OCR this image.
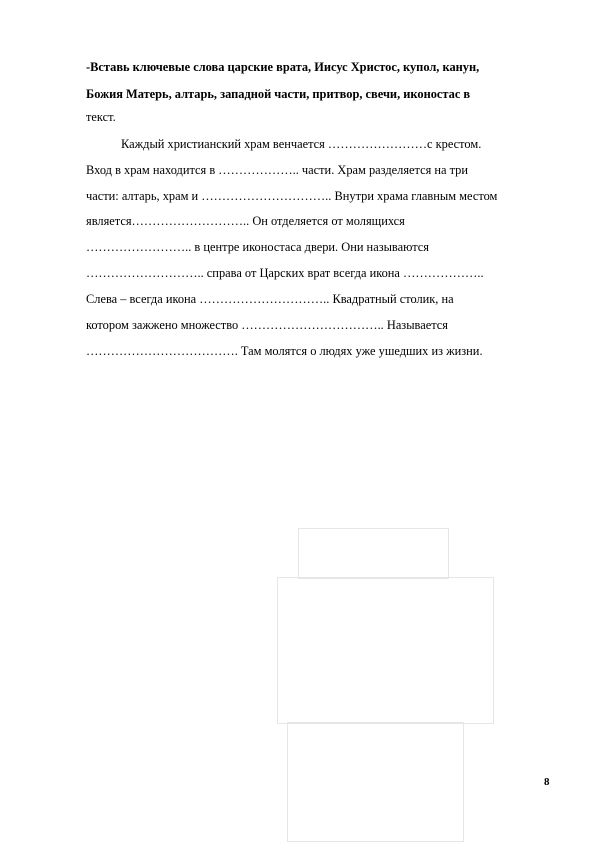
-Вставь ключевые слова царские врата, Иисус Христос, купол, канун,
Божия Матерь, алтарь, западной части, притвор, свечи, иконостас в
текст.
Каждый христианский храм венчается ……………………с крестом.
Вход в храм находится в ……………….. части. Храм разделяется на три
части: алтарь, храм и ………………………….. Внутри храма главным местом
является……………………….. Он отделяется от молящихся
…………………….. в центре иконостаса двери. Они называются
……………………….. справа от Царских врат всегда икона ………………..
Слева – всегда икона ………………………….. Квадратный столик, на
котором зажжено множество …………………………….. Называется
………………………………. Там молятся о людях уже ушедших из жизни.
8
